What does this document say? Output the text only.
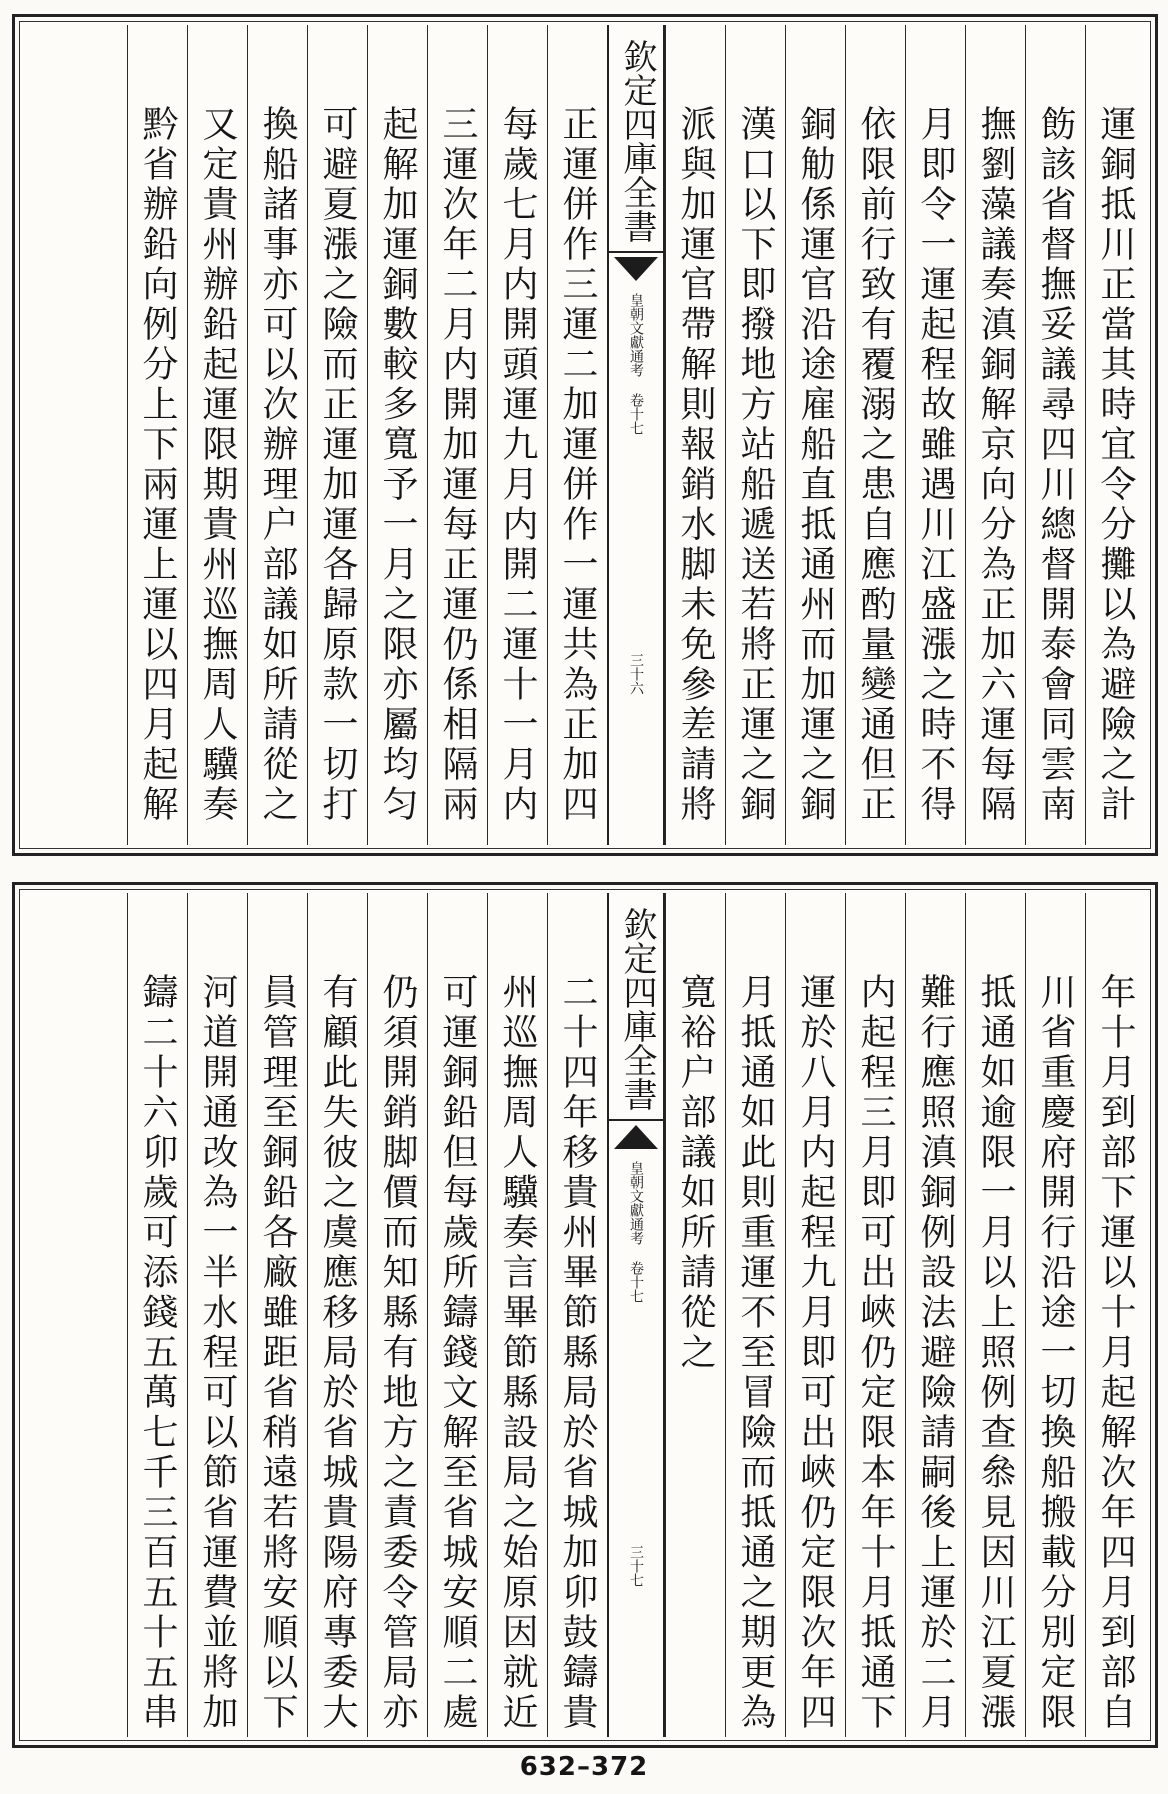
運銅抵川正當其時宜令分攤以為避險之計
飭該省督撫妥議尋四川總督開泰會同雲南
撫劉藻議奏滇銅解京向分為正加六運每隔
月即令一運起程故雖遇川江盛漲之時不得
依限前行致有覆溺之患自應酌量變通但正
銅觔係運官沿途雇船直抵通州而加運之銅
漢口以下即撥地方站船遞送若將正運之銅
派與加運官帶解則報銷水脚未免參差請將
欽定四庫全書
皇朝文獻通考 卷十七
三十六
正運併作三運二加運併作一運共為正加四
每歲七月内開頭運九月内開二運十一月内
三運次年二月内開加運每正運仍係相隔兩
起解加運銅數較多寬予一月之限亦屬均匀
可避夏漲之險而正運加運各歸原款一切打
換船諸事亦可以次辦理户部議如所請從之
又定貴州辦鉛起運限期貴州巡撫周人驥奏
黔省辦鉛向例分上下兩運上運以四月起解
年十月到部下運以十月起解次年四月到部自
川省重慶府開行沿途一切換船搬載分別定限
抵通如逾限一月以上照例查叅見因川江夏漲
難行應照滇銅例設法避險請嗣後上運於二月
内起程三月即可出峽仍定限本年十月抵通下
運於八月内起程九月即可出峽仍定限次年四
月抵通如此則重運不至冒險而抵通之期更為
寛裕户部議如所請從之
欽定四庫全書
皇朝文獻通考 卷十七
三十七
二十四年移貴州畢節縣局於省城加卯鼓鑄貴
州巡撫周人驥奏言畢節縣設局之始原因就近
可運銅鉛但每歲所鑄錢文解至省城安順二處
仍須開銷脚價而知縣有地方之責委令管局亦
有顧此失彼之虞應移局於省城貴陽府專委大
員管理至銅鉛各廠雖距省稍遠若將安順以下
河道開通改為一半水程可以節省運費並將加
鑄二十六卯歲可添錢五萬七千三百五十五串
632–372
